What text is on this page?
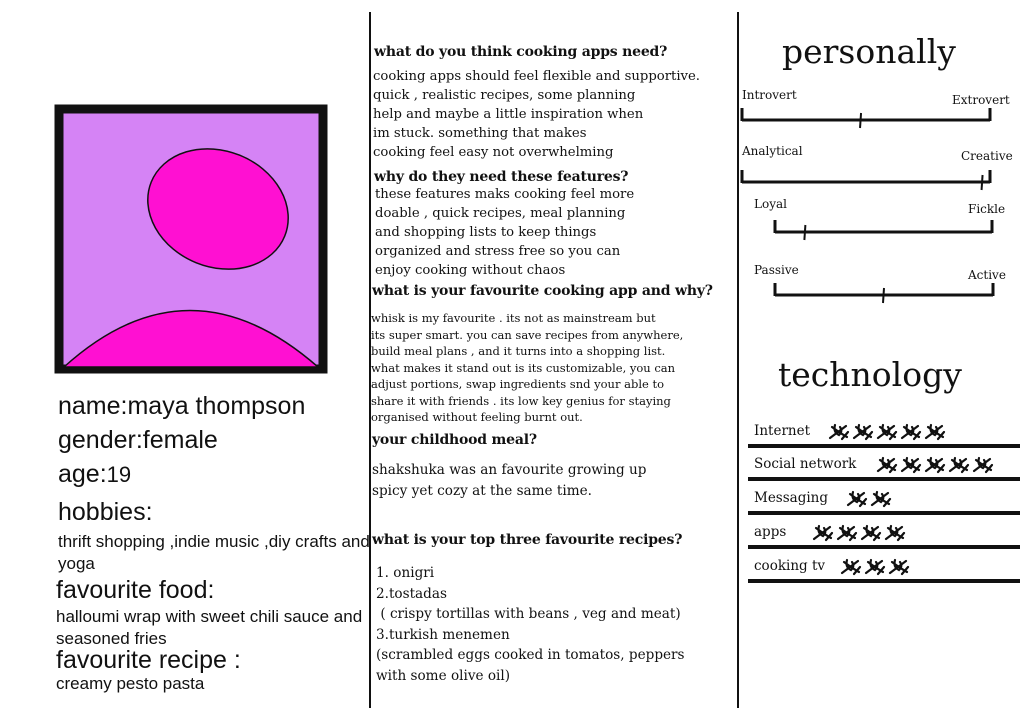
name:maya thompson
gender:female
age:19
hobbies:
thrift shopping ,indie music ,diy crafts and yoga
favourite food:
halloumi wrap with sweet chili sauce and seasoned fries
favourite recipe :
creamy pesto pasta
what do you think cooking apps need?
cooking apps should feel flexible and supportive.
quick , realistic recipes, some planning
help and maybe a little inspiration when
im stuck. something that makes
cooking feel easy not overwhelming
why do they need these features?
these features maks cooking feel more
doable , quick recipes, meal planning
and shopping lists to keep things
organized and stress free so you can
enjoy cooking without chaos
what is your favourite cooking app and why?
whisk is my favourite . its not as mainstream but
its super smart. you can save recipes from anywhere,
build meal plans , and it turns into a shopping list.
what makes it stand out is its customizable, you can
adjust portions, swap ingredients snd your able to
share it with friends . its low key genius for staying
organised without feeling burnt out.
your childhood meal?
shakshuka was an favourite growing up
spicy yet cozy at the same time.
what is your top three favourite recipes?
1. onigri
2.tostadas
( crispy tortillas with beans , veg and meat)
3.turkish menemen
(scrambled eggs cooked in tomatos, peppers
with some olive oil)
personally
Introvert	Extrovert
Analytical	Creative
Loyal	Fickle
Passive	Active
technology
Internet
Social network
Messaging
apps
cooking tv
